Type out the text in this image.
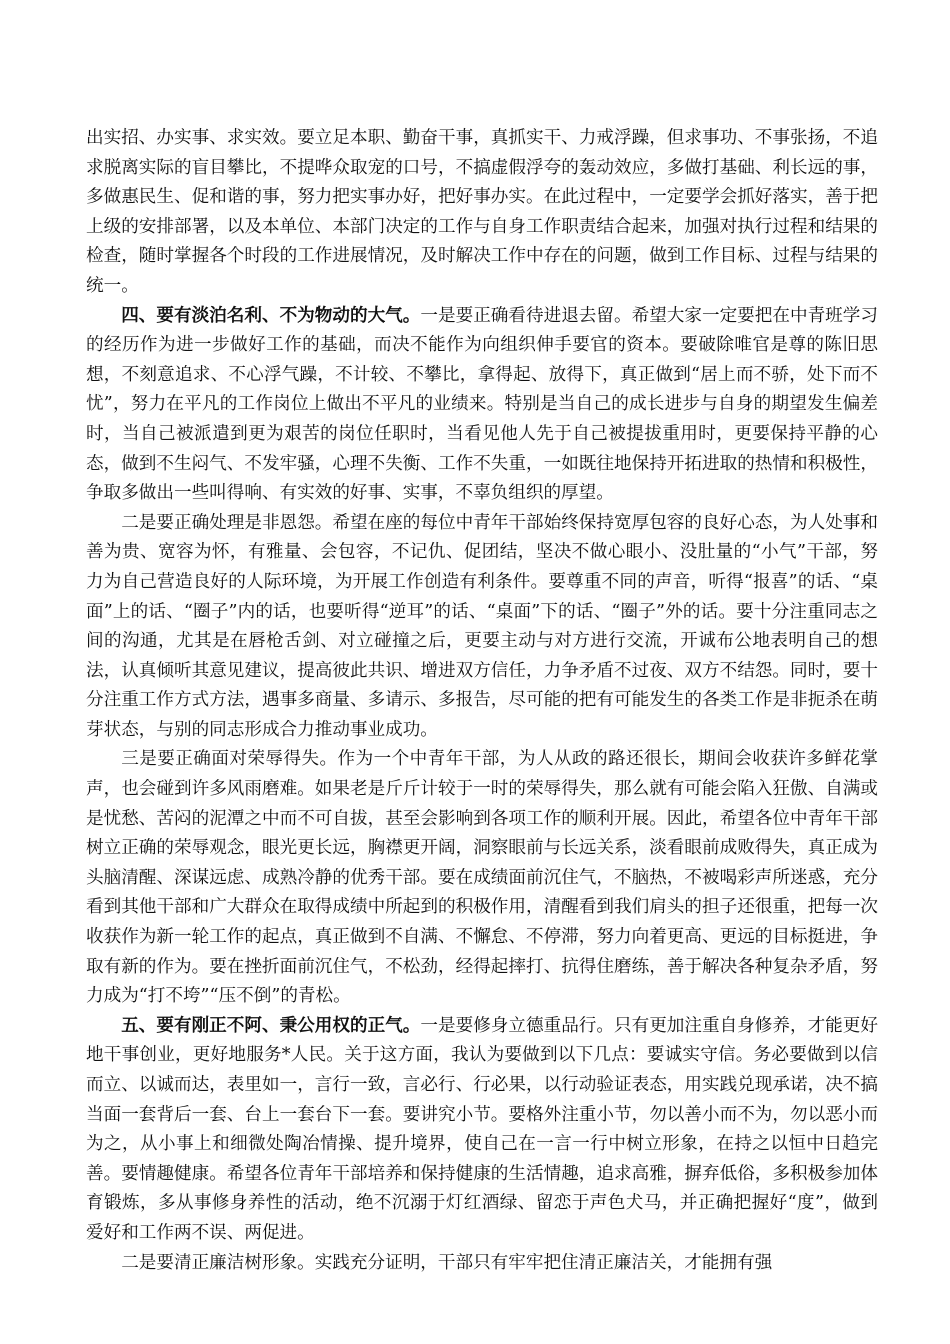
出实招、办实事、求实效。要立足本职、勤奋干事，真抓实干、力戒浮躁，但求事功、不事张扬，不追求脱离实际的盲目攀比，不提哗众取宠的口号，不搞虚假浮夸的轰动效应，多做打基础、利长远的事，多做惠民生、促和谐的事，努力把实事办好，把好事办实。在此过程中，一定要学会抓好落实，善于把上级的安排部署，以及本单位、本部门决定的工作与自身工作职责结合起来，加强对执行过程和结果的检查，随时掌握各个时段的工作进展情况，及时解决工作中存在的问题，做到工作目标、过程与结果的统一。

四、要有淡泊名利、不为物动的大气。一是要正确看待进退去留。希望大家一定要把在中青班学习的经历作为进一步做好工作的基础，而决不能作为向组织伸手要官的资本。要破除唯官是尊的陈旧思想，不刻意追求、不心浮气躁，不计较、不攀比，拿得起、放得下，真正做到“居上而不骄，处下而不忧”，努力在平凡的工作岗位上做出不平凡的业绩来。特别是当自己的成长进步与自身的期望发生偏差时，当自己被派遣到更为艰苦的岗位任职时，当看见他人先于自己被提拔重用时，更要保持平静的心态，做到不生闷气、不发牢骚，心理不失衡、工作不失重，一如既往地保持开拓进取的热情和积极性，争取多做出一些叫得响、有实效的好事、实事，不辜负组织的厚望。

二是要正确处理是非恩怨。希望在座的每位中青年干部始终保持宽厚包容的良好心态，为人处事和善为贵、宽容为怀，有雅量、会包容，不记仇、促团结，坚决不做心眼小、没肚量的“小气”干部，努力为自己营造良好的人际环境，为开展工作创造有利条件。要尊重不同的声音，听得“报喜”的话、“桌面”上的话、“圈子”内的话，也要听得“逆耳”的话、“桌面”下的话、“圈子”外的话。要十分注重同志之间的沟通，尤其是在唇枪舌剑、对立碰撞之后，更要主动与对方进行交流，开诚布公地表明自己的想法，认真倾听其意见建议，提高彼此共识、增进双方信任，力争矛盾不过夜、双方不结怨。同时，要十分注重工作方式方法，遇事多商量、多请示、多报告，尽可能的把有可能发生的各类工作是非扼杀在萌芽状态，与别的同志形成合力推动事业成功。

三是要正确面对荣辱得失。作为一个中青年干部，为人从政的路还很长，期间会收获许多鲜花掌声，也会碰到许多风雨磨难。如果老是斤斤计较于一时的荣辱得失，那么就有可能会陷入狂傲、自满或是忧愁、苦闷的泥潭之中而不可自拔，甚至会影响到各项工作的顺利开展。因此，希望各位中青年干部树立正确的荣辱观念，眼光更长远，胸襟更开阔，洞察眼前与长远关系，淡看眼前成败得失，真正成为头脑清醒、深谋远虑、成熟冷静的优秀干部。要在成绩面前沉住气，不脑热，不被喝彩声所迷惑，充分看到其他干部和广大群众在取得成绩中所起到的积极作用，清醒看到我们肩头的担子还很重，把每一次收获作为新一轮工作的起点，真正做到不自满、不懈怠、不停滞，努力向着更高、更远的目标挺进，争取有新的作为。要在挫折面前沉住气，不松劲，经得起摔打、抗得住磨练，善于解决各种复杂矛盾，努力成为“打不垮”“压不倒”的青松。

五、要有刚正不阿、秉公用权的正气。一是要修身立德重品行。只有更加注重自身修养，才能更好地干事创业，更好地服务*人民。关于这方面，我认为要做到以下几点：要诚实守信。务必要做到以信而立、以诚而达，表里如一，言行一致，言必行、行必果，以行动验证表态，用实践兑现承诺，决不搞当面一套背后一套、台上一套台下一套。要讲究小节。要格外注重小节，勿以善小而不为，勿以恶小而为之，从小事上和细微处陶冶情操、提升境界，使自己在一言一行中树立形象，在持之以恒中日趋完善。要情趣健康。希望各位青年干部培养和保持健康的生活情趣，追求高雅，摒弃低俗，多积极参加体育锻炼，多从事修身养性的活动，绝不沉溺于灯红酒绿、留恋于声色犬马，并正确把握好“度”，做到爱好和工作两不误、两促进。

二是要清正廉洁树形象。实践充分证明，干部只有牢牢把住清正廉洁关，才能拥有强
